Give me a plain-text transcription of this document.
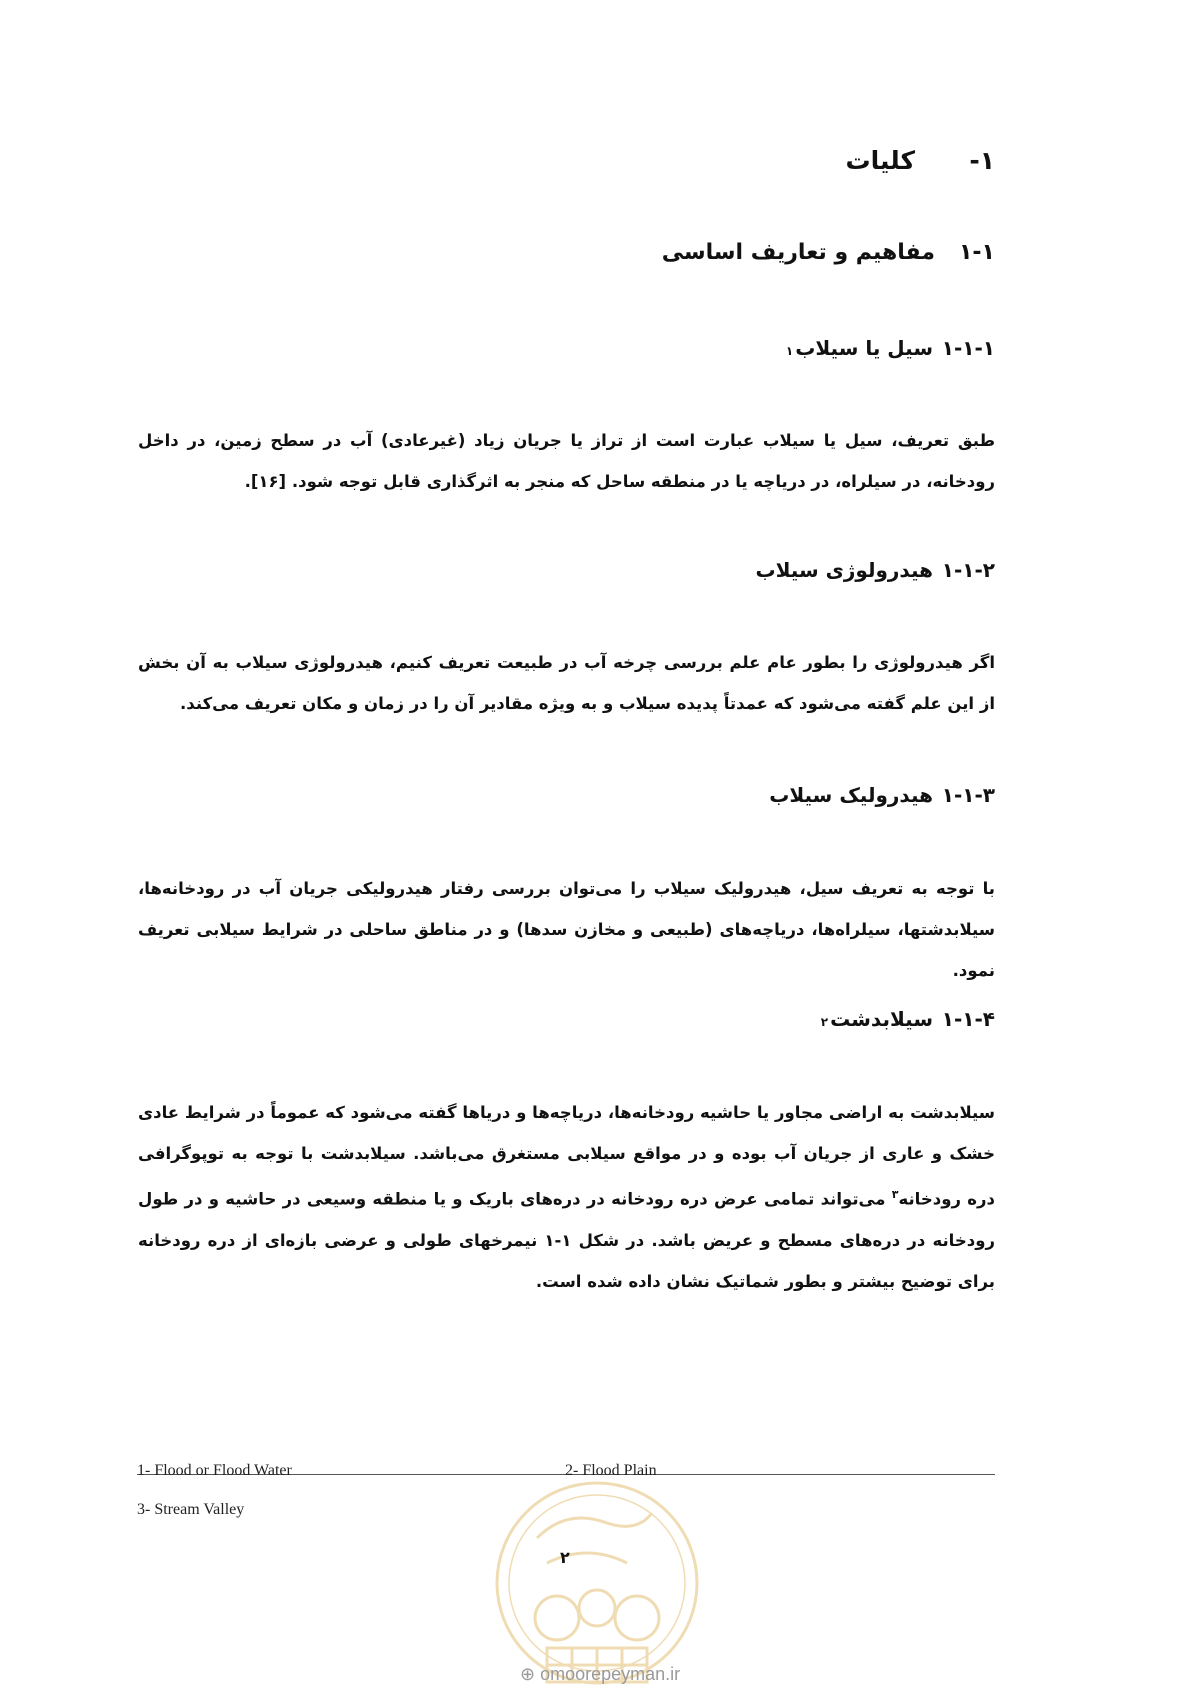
۱-
کلیات
۱-۱
مفاهیم و تعاریف اساسی
۱-۱-۱
سیل یا سیلاب
۱
طبق تعریف، سیل یا سیلاب عبارت است از تراز یا جریان زیاد (غیرعادی) آب در سطح زمین، در داخل رودخانه، در سیلراه، در دریاچه یا در منطقه ساحل که منجر به اثرگذاری قابل توجه شود. [۱۶].
۱-۱-۲
هیدرولوژی سیلاب
اگر هیدرولوژی را بطور عام علم بررسی چرخه آب در طبیعت تعریف کنیم، هیدرولوژی سیلاب به آن بخش از این علم گفته می‌شود که عمدتاً پدیده سیلاب و به ویژه مقادیر آن را در زمان و مکان تعریف می‌کند.
۱-۱-۳
هیدرولیک سیلاب
با توجه به تعریف سیل، هیدرولیک سیلاب را می‌توان بررسی رفتار هیدرولیکی جریان آب در رودخانه‌ها، سیلابدشتها، سیلراه‌ها، دریاچه‌های (طبیعی و مخازن سدها) و در مناطق ساحلی در شرایط سیلابی تعریف نمود.
۱-۱-۴
سیلابدشت
۲
سیلابدشت به اراضی مجاور یا حاشیه رودخانه‌ها، دریاچه‌ها و دریاها گفته می‌شود که عموماً در شرایط عادی خشک و عاری از جریان آب بوده و در مواقع سیلابی مستغرق می‌باشد. سیلابدشت با توجه به توپوگرافی دره رودخانه$^۳$ می‌تواند تمامی عرض دره رودخانه در دره‌های باریک و یا منطقه وسیعی در حاشیه و در طول رودخانه در دره‌های مسطح و عریض باشد. در شکل ۱-۱ نیمرخهای طولی و عرضی بازه‌ای از دره رودخانه برای توضیح بیشتر و بطور شماتیک نشان داده شده است.
1- Flood or Flood Water	2- Flood Plain
3- Stream Valley
۲
⊕ omoorepeyman.ir
